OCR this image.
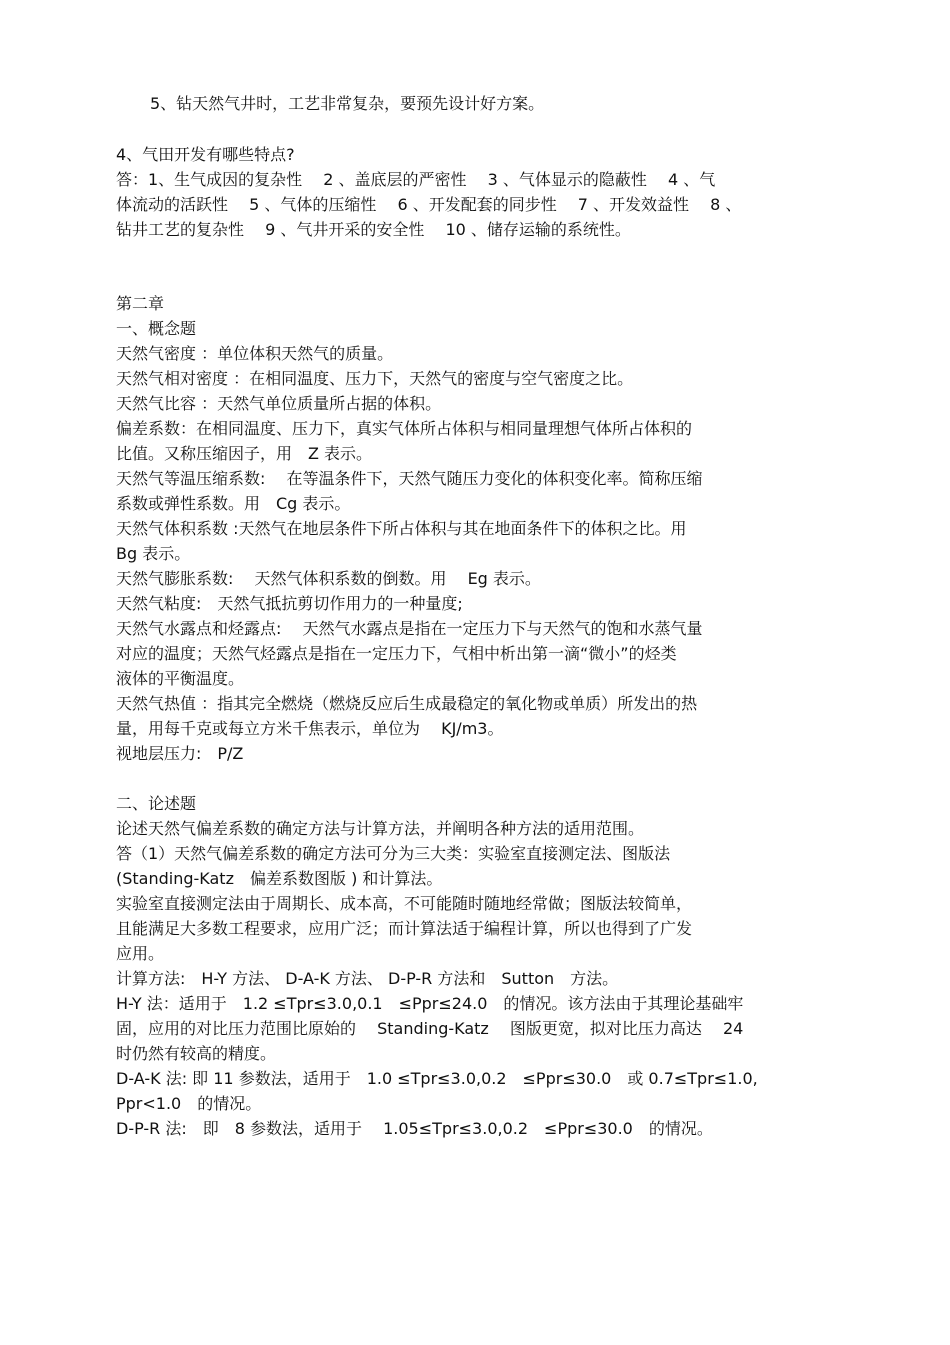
5、钻天然气井时，工艺非常复杂，要预先设计好方案。

4、气田开发有哪些特点?

答：1、生气成因的复杂性　 2 、盖底层的严密性　 3 、气体显示的隐蔽性　 4 、气

体流动的活跃性　 5 、气体的压缩性　 6 、开发配套的同步性　 7 、开发效益性　 8 、

钻井工艺的复杂性　 9 、气井开采的安全性　 10 、储存运输的系统性。

第二章

一、概念题

天然气密度 ：单位体积天然气的质量。

天然气相对密度 ：在相同温度、压力下，天然气的密度与空气密度之比。

天然气比容 ：天然气单位质量所占据的体积。

偏差系数：在相同温度、压力下，真实气体所占体积与相同量理想气体所占体积的

比值。又称压缩因子，用　Z 表示。

天然气等温压缩系数:　 在等温条件下，天然气随压力变化的体积变化率。简称压缩

系数或弹性系数。用　Cg 表示。

天然气体积系数 :天然气在地层条件下所占体积与其在地面条件下的体积之比。用

Bg 表示。

天然气膨胀系数:　 天然气体积系数的倒数。用　 Eg 表示。

天然气粘度:　天然气抵抗剪切作用力的一种量度;

天然气水露点和烃露点:　 天然气水露点是指在一定压力下与天然气的饱和水蒸气量

对应的温度；天然气烃露点是指在一定压力下，气相中析出第一滴“微小”的烃类

液体的平衡温度。

天然气热值 ：指其完全燃烧（燃烧反应后生成最稳定的氧化物或单质）所发出的热

量，用每千克或每立方米千焦表示，单位为　 KJ/m3。

视地层压力:　P/Z

二、论述题

论述天然气偏差系数的确定方法与计算方法，并阐明各种方法的适用范围。

答（1）天然气偏差系数的确定方法可分为三大类：实验室直接测定法、图版法

(Standing-Katz　偏差系数图版 ) 和计算法。

实验室直接测定法由于周期长、成本高，不可能随时随地经常做；图版法较简单，

且能满足大多数工程要求，应用广泛；而计算法适于编程计算，所以也得到了广发

应用。

计算方法:　H-Y 方法、 D-A-K 方法、 D-P-R 方法和　Sutton　方法。

H-Y 法：适用于　1.2 ≤Tpr≤3.0,0.1　≤Ppr≤24.0　的情况。该方法由于其理论基础牢

固，应用的对比压力范围比原始的　 Standing-Katz　 图版更宽，拟对比压力高达　 24

时仍然有较高的精度。

D-A-K 法: 即 11 参数法，适用于　1.0 ≤Tpr≤3.0,0.2　≤Ppr≤30.0　或 0.7≤Tpr≤1.0,

Ppr<1.0　的情况。

D-P-R 法:　即　8 参数法，适用于　 1.05≤Tpr≤3.0,0.2　≤Ppr≤30.0　的情况。
